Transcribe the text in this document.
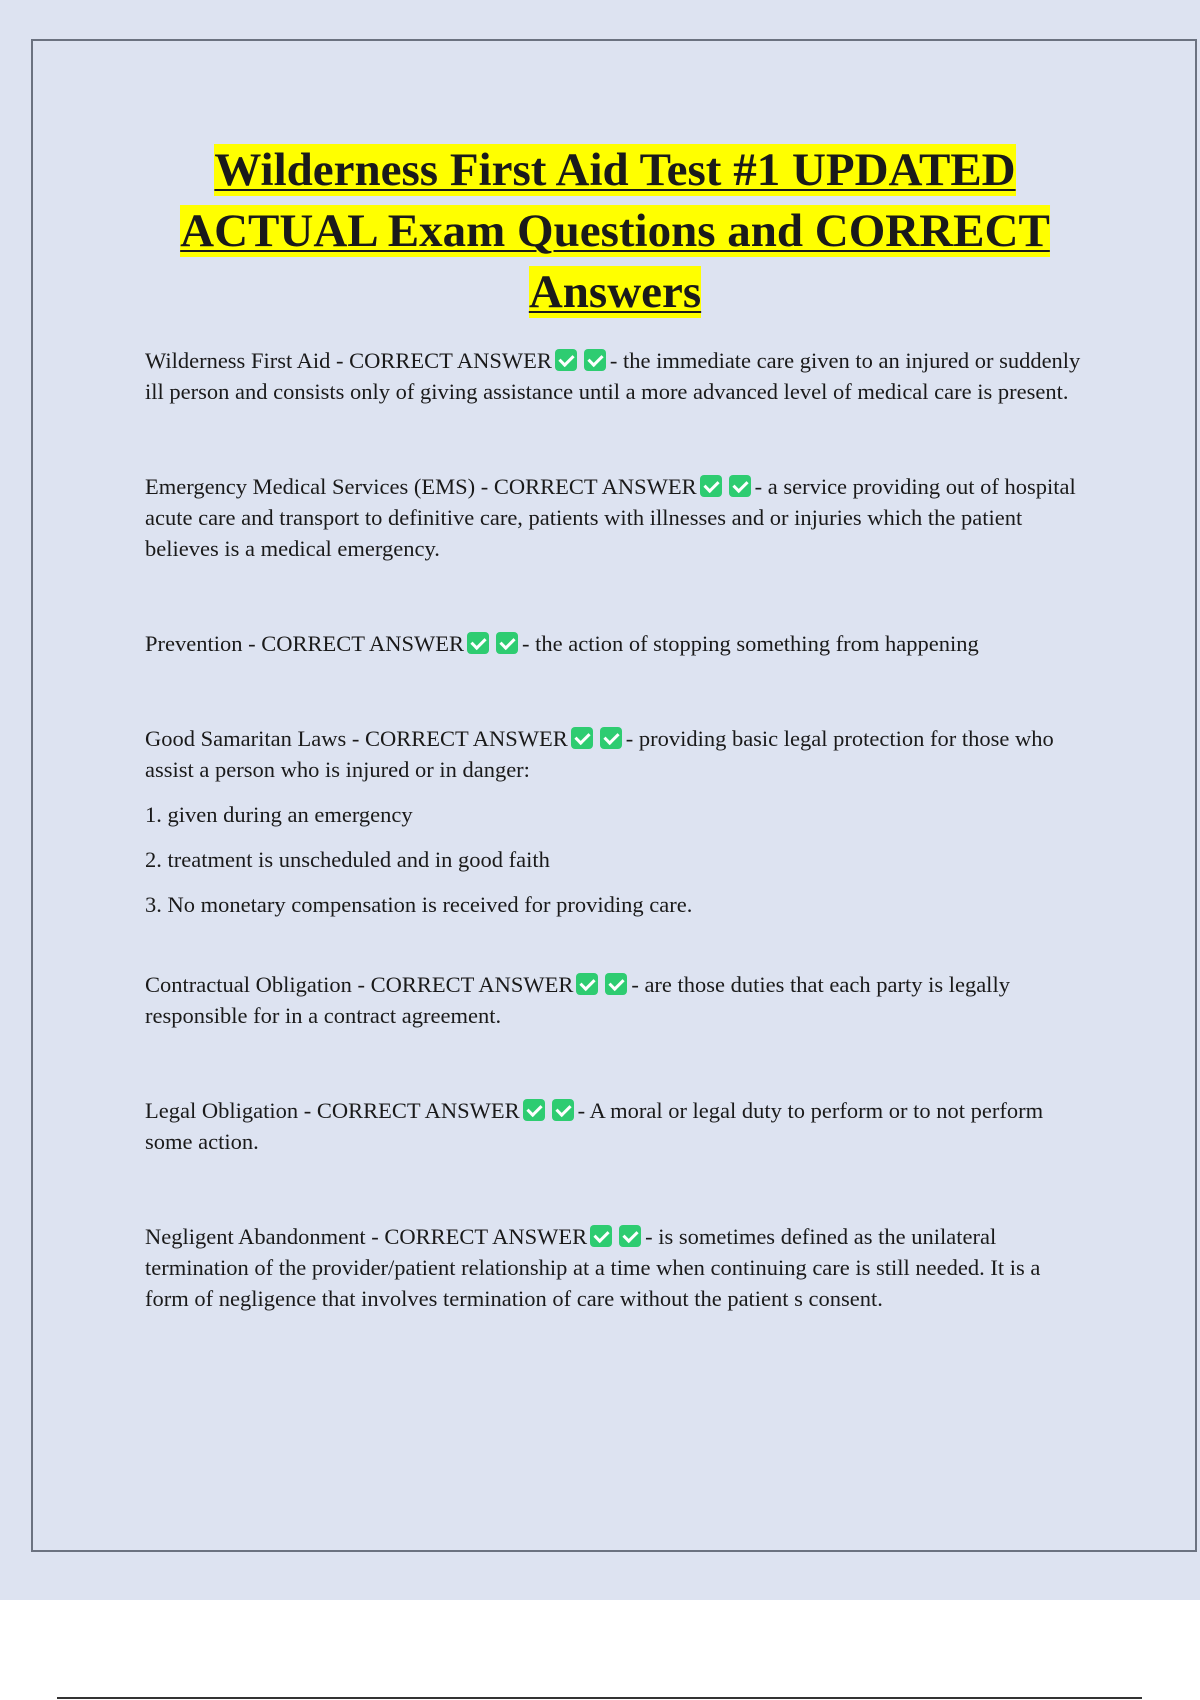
Wilderness First Aid Test #1 UPDATED ACTUAL Exam Questions and CORRECT Answers

Wilderness First Aid - CORRECT ANSWER	- the immediate care given to an injured or suddenly ill person and consists only of giving assistance until a more advanced level of medical care is present.

Emergency Medical Services (EMS) - CORRECT ANSWER	- a service providing out of hospital acute care and transport to definitive care, patients with illnesses and or injuries which the patient believes is a medical emergency.

Prevention - CORRECT ANSWER	- the action of stopping something from happening

Good Samaritan Laws - CORRECT ANSWER	- providing basic legal protection for those who assist a person who is injured or in danger:

1. given during an emergency

2. treatment is unscheduled and in good faith

3. No monetary compensation is received for providing care.

Contractual Obligation - CORRECT ANSWER	- are those duties that each party is legally responsible for in a contract agreement.

Legal Obligation - CORRECT ANSWER	- A moral or legal duty to perform or to not perform some action.

Negligent Abandonment - CORRECT ANSWER	- is sometimes defined as the unilateral termination of the provider/patient relationship at a time when continuing care is still needed. It is a form of negligence that involves termination of care without the patient s consent.
